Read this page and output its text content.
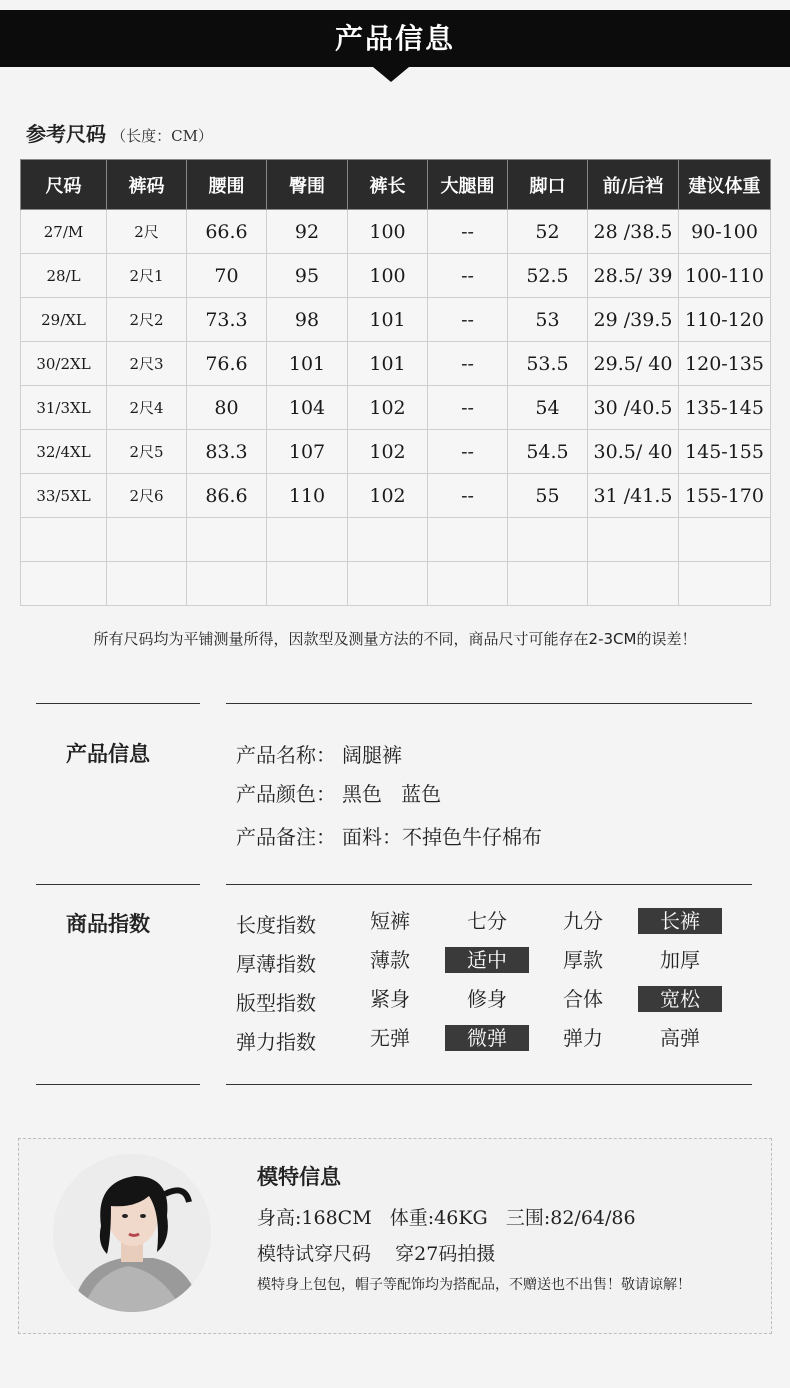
产品信息
参考尺码 （长度：CM）
尺码	裤码	腰围	臀围	裤长	大腿围	脚口	前/后裆	建议体重
27/M	2尺	66.6	92	100	--	52	28 /38.5	90-100
28/L	2尺1	70	95	100	--	52.5	28.5/ 39	100-110
29/XL	2尺2	73.3	98	101	--	53	29 /39.5	110-120
30/2XL	2尺3	76.6	101	101	--	53.5	29.5/ 40	120-135
31/3XL	2尺4	80	104	102	--	54	30 /40.5	135-145
32/4XL	2尺5	83.3	107	102	--	54.5	30.5/ 40	145-155
33/5XL	2尺6	86.6	110	102	--	55	31 /41.5	155-170

所有尺码均为平铺测量所得，因款型及测量方法的不同，商品尺寸可能存在2-3CM的误差！
产品信息	产品名称： 阔腿裤
产品颜色： 黑色   蓝色
产品备注： 面料：不掉色牛仔棉布
商品指数	长度指数	短裤	七分	九分	长裤
厚薄指数	薄款	适中	厚款	加厚
版型指数	紧身	修身	合体	宽松
弹力指数	无弹	微弹	弹力	高弹
模特信息
身高:168CM   体重:46KG   三围:82/64/86
模特试穿尺码    穿27码拍摄
模特身上包包，帽子等配饰均为搭配品，不赠送也不出售！敬请谅解！
